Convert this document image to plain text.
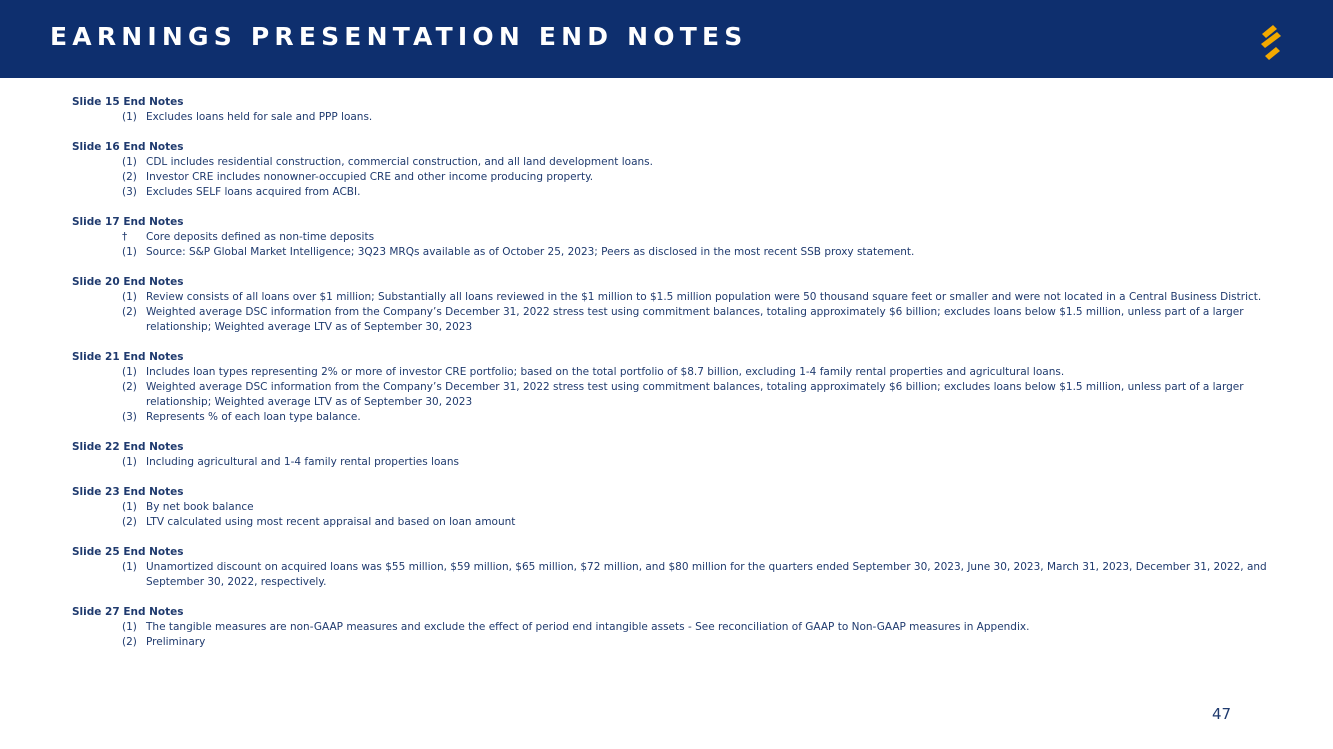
EARNINGS PRESENTATION END NOTES
Slide 15 End Notes
(1) Excludes loans held for sale and PPP loans.
Slide 16 End Notes
(1) CDL includes residential construction, commercial construction, and all land development loans.
(2) Investor CRE includes nonowner-occupied CRE and other income producing property.
(3) Excludes SELF loans acquired from ACBI.
Slide 17 End Notes
†	Core deposits defined as non-time deposits
(1) Source: S&P Global Market Intelligence; 3Q23 MRQs available as of October 25, 2023; Peers as disclosed in the most recent SSB proxy statement.
Slide 20 End Notes
(1) Review consists of all loans over $1 million; Substantially all loans reviewed in the $1 million to $1.5 million population were 50 thousand square feet or smaller and were not located in a Central Business District.
(2) Weighted average DSC information from the Company’s December 31, 2022 stress test using commitment balances, totaling approximately $6 billion; excludes loans below $1.5 million, unless part of a larger relationship; Weighted average LTV as of September 30, 2023
Slide 21 End Notes
(1) Includes loan types representing 2% or more of investor CRE portfolio; based on the total portfolio of $8.7 billion, excluding 1-4 family rental properties and agricultural loans.
(2) Weighted average DSC information from the Company’s December 31, 2022 stress test using commitment balances, totaling approximately $6 billion; excludes loans below $1.5 million, unless part of a larger relationship; Weighted average LTV as of September 30, 2023
(3) Represents % of each loan type balance.
Slide 22 End Notes
(1) Including agricultural and 1-4 family rental properties loans
Slide 23 End Notes
(1) By net book balance
(2) LTV calculated using most recent appraisal and based on loan amount
Slide 25 End Notes
(1) Unamortized discount on acquired loans was $55 million, $59 million, $65 million, $72 million, and $80 million for the quarters ended September 30, 2023, June 30, 2023, March 31, 2023, December 31, 2022, and September 30, 2022, respectively.
Slide 27 End Notes
(1) The tangible measures are non-GAAP measures and exclude the effect of period end intangible assets - See reconciliation of GAAP to Non-GAAP measures in Appendix.
(2) Preliminary
47
